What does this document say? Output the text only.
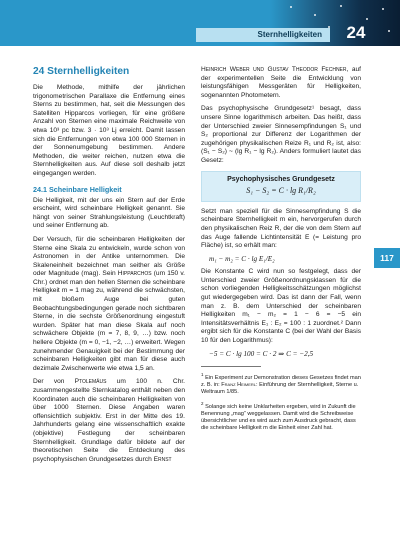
Sternhelligkeiten	24
117
24 Sternhelligkeiten

Die Methode, mithilfe der jährlichen trigonometrischen Parallaxe die Entfernung eines Sterns zu bestimmen, hat, seit die Messungen des Satelliten Hipparcos vorliegen, für eine größere Anzahl von Sternen eine maximale Reichweite von etwa 10³ pc bzw. 3 · 10³ Lj erreicht. Damit lassen sich die Entfernungen von etwa 100 000 Sternen in der Sonnenumgebung bestimmen. Andere Methoden, die weiter reichen, nutzen etwa die Sternhelligkeiten aus. Auf diese soll deshalb jetzt eingegangen werden.

24.1 Scheinbare Helligkeit

Die Helligkeit, mit der uns ein Stern auf der Erde erscheint, wird scheinbare Helligkeit genannt. Sie hängt von seiner Strahlungsleistung (Leuchtkraft) und seiner Entfernung ab.

Der Versuch, für die scheinbaren Helligkeiten der Sterne eine Skala zu entwickeln, wurde schon von Astronomen in der Antike unternommen. Die Skaleneinheit bezeichnet man seither als Größe oder Magnitude (mag). Sein Hipparchos (um 150 v. Chr.) ordnet man den hellen Sternen die scheinbare Helligkeit m = 1 mag zu, während die schwächsten, mit bloßem Auge bei guten Beobachtungsbedingungen gerade noch sichtbaren Sterne, in die sechste Größenordnung eingestuft wurden. Später hat man diese Skala auf noch schwächere Objekte (m = 7, 8, 9, …) bzw. noch hellere Objekte (m = 0, −1, −2, …) erweitert. Wegen zunehmender Genauigkeit bei der Bestimmung der scheinbaren Helligkeiten gibt man für diese auch dezimale Zwischenwerte wie etwa 1,5 an.

Der von Ptolemäus um 100 n. Chr. zusammengestellte Sternkatalog enthält neben den Koordinaten auch die scheinbaren Helligkeiten von über 1000 Sternen. Diese Angaben waren offensichtlich subjektiv. Erst in der Mitte des 19. Jahrhunderts gelang eine wissenschaftlich exakte (objektive) Festlegung der scheinbaren Sternhelligkeit. Grundlage dafür bildete auf der theoretischen Seite die Entdeckung des psychophysischen Grundgesetzes durch Ernst

Heinrich Weber und Gustav Theodor Fechner, auf der experimentellen Seite die Entwicklung von leistungsfähigen Messgeräten für Helligkeiten, sogenannten Photometern.

Das psychophysische Grundgesetz¹ besagt, dass unsere Sinne logarithmisch arbeiten. Das heißt, dass der Unterschied zweier Sinnesempfindungen S₁ und S₂ proportional zur Differenz der Logarithmen der zugehörigen physikalischen Reize R₁ und R₂ ist, also: (S₁ − S₂) ~ (lg R₁ − lg R₂). Anders formuliert lautet das Gesetz:

Psychophysisches Grundgesetz
S₁ − S₂ = C · lg R₁/R₂

Setzt man speziell für die Sinnesempfindung S die scheinbare Sternhelligkeit m ein, hervorgerufen durch den physikalischen Reiz R, der die von dem Stern auf das Auge fallende Lichtintensität E (= Leistung pro Fläche) ist, so erhält man:

m₁ − m₂ = C · lg E₁/E₂

Die Konstante C wird nun so festgelegt, dass der Unterschied zweier Größenordnungsklassen für die schon vorliegenden Helligkeitsschätzungen möglichst gut wiedergegeben wird. Das ist dann der Fall, wenn man z. B. dem Unterschied der scheinbaren Helligkeiten m₁ − m₂ = 1 − 6 = −5 ein Intensitätsverhältnis E₁ : E₂ = 100 : 1 zuordnet.² Dann ergibt sich für die Konstante C (bei der Wahl der Basis 10 für den Logarithmus):

−5 = C · lg 100 = C · 2 ⇒ C = −2,5

$^1$ Ein Experiment zur Demonstration dieses Gesetzes findet man z. B. in: Franz Heimerl: Einführung der Sternhelligkeit, Sterne u. Weltraum 1/85.

$^2$ Solange sich keine Unklarheiten ergeben, wird in Zukunft die Benennung „mag“ weggelassen. Damit wird die Schreibweise übersichtlicher und es wird auch zum Ausdruck gebracht, dass die scheinbare Helligkeit m die Einheit einer Zahl hat.
